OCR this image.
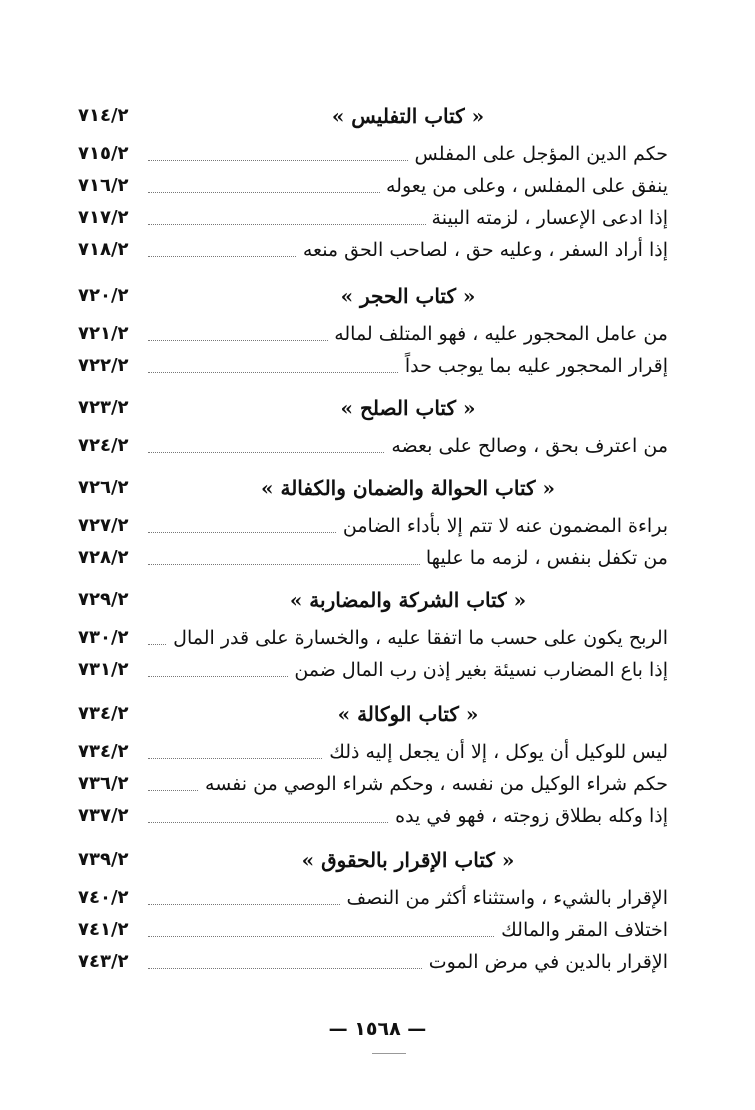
« كتاب التفليس »
٧١٤/٢
حكم الدين المؤجل على المفلس
٧١٥/٢
ينفق على المفلس ، وعلى من يعوله
٧١٦/٢
إذا ادعى الإعسار ، لزمته البينة
٧١٧/٢
إذا أراد السفر ، وعليه حق ، لصاحب الحق منعه
٧١٨/٢
« كتاب الحجر »
٧٢٠/٢
من عامل المحجور عليه ، فهو المتلف لماله
٧٢١/٢
إقرار المحجور عليه بما يوجب حداً
٧٢٢/٢
« كتاب الصلح »
٧٢٣/٢
من اعترف بحق ، وصالح على بعضه
٧٢٤/٢
« كتاب الحوالة والضمان والكفالة »
٧٢٦/٢
براءة المضمون عنه لا تتم إلا بأداء الضامن
٧٢٧/٢
من تكفل بنفس ، لزمه ما عليها
٧٢٨/٢
« كتاب الشركة والمضاربة »
٧٢٩/٢
الربح يكون على حسب ما اتفقا عليه ، والخسارة على قدر المال
٧٣٠/٢
إذا باع المضارب نسيئة بغير إذن رب المال ضمن
٧٣١/٢
« كتاب الوكالة »
٧٣٤/٢
ليس للوكيل أن يوكل ، إلا أن يجعل إليه ذلك
٧٣٤/٢
حكم شراء الوكيل من نفسه ، وحكم شراء الوصي من نفسه
٧٣٦/٢
إذا وكله بطلاق زوجته ، فهو في يده
٧٣٧/٢
« كتاب الإقرار بالحقوق »
٧٣٩/٢
الإقرار بالشيء ، واستثناء أكثر من النصف
٧٤٠/٢
اختلاف المقر والمالك
٧٤١/٢
الإقرار بالدين في مرض الموت
٧٤٣/٢
— ١٥٦٨ —
